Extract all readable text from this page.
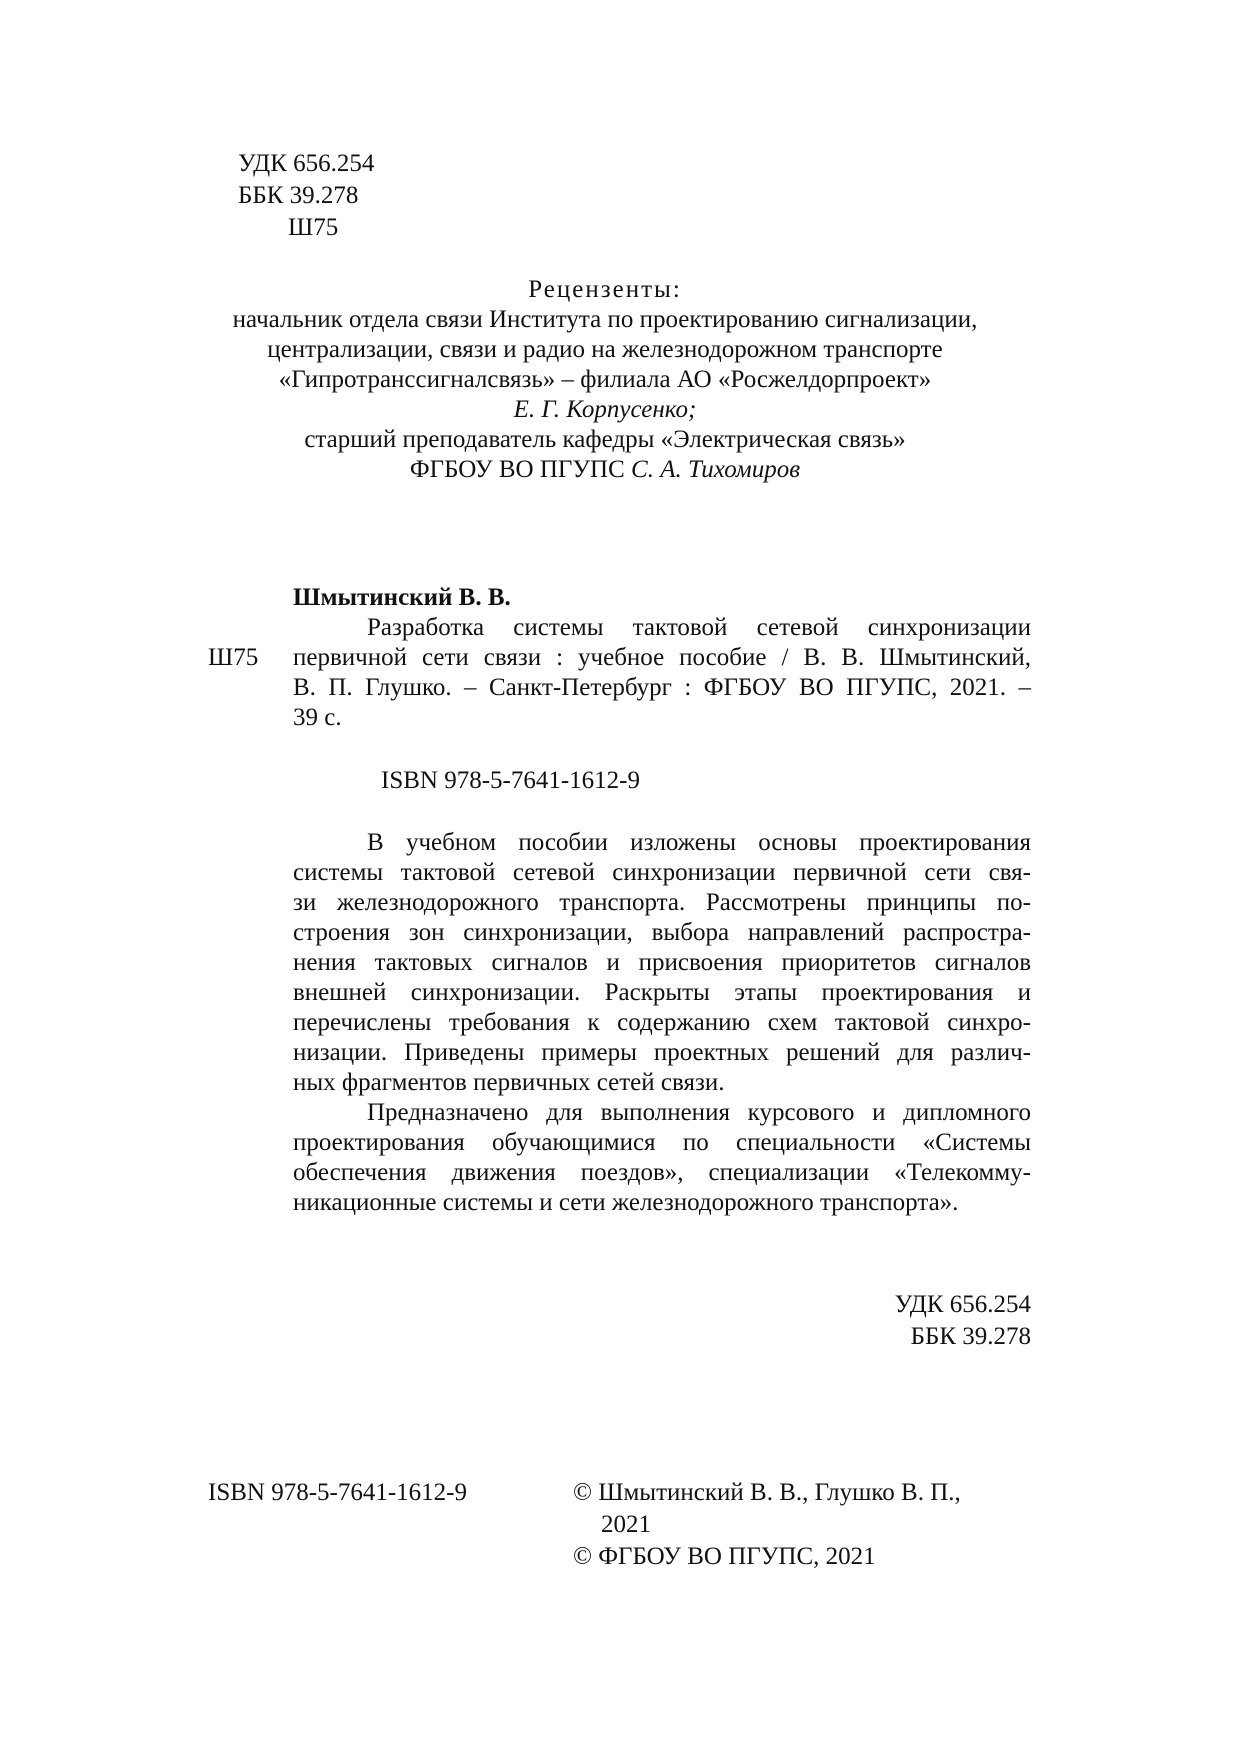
УДК 656.254
ББК 39.278
Ш75
Рецензенты:
начальник отдела связи Института по проектированию сигнализации,
централизации, связи и радио на железнодорожном транспорте
«Гипротранссигналсвязь» – филиала АО «Росжелдорпроект»
Е. Г. Корпусенко;
старший преподаватель кафедры «Электрическая связь»
ФГБОУ ВО ПГУПС С. А. Тихомиров
Шмытинский В. В.
Ш75
Разработка системы тактовой сетевой синхронизации
первичной сети связи : учебное пособие / В. В. Шмытинский,
В. П. Глушко. – Санкт-Петербург : ФГБОУ ВО ПГУПС, 2021. –
39 с.
ISBN 978-5-7641-1612-9
В учебном пособии изложены основы проектирования
системы тактовой сетевой синхронизации первичной сети свя-
зи железнодорожного транспорта. Рассмотрены принципы по-
строения зон синхронизации, выбора направлений распростра-
нения тактовых сигналов и присвоения приоритетов сигналов
внешней синхронизации. Раскрыты этапы проектирования и
перечислены требования к содержанию схем тактовой синхро-
низации. Приведены примеры проектных решений для различ-
ных фрагментов первичных сетей связи.
Предназначено для выполнения курсового и дипломного
проектирования обучающимися по специальности «Системы
обеспечения движения поездов», специализации «Телекомму-
никационные системы и сети железнодорожного транспорта».
УДК 656.254
ББК 39.278
ISBN 978-5-7641-1612-9	© Шмытинский В. В., Глушко В. П.,
2021
© ФГБОУ ВО ПГУПС, 2021
